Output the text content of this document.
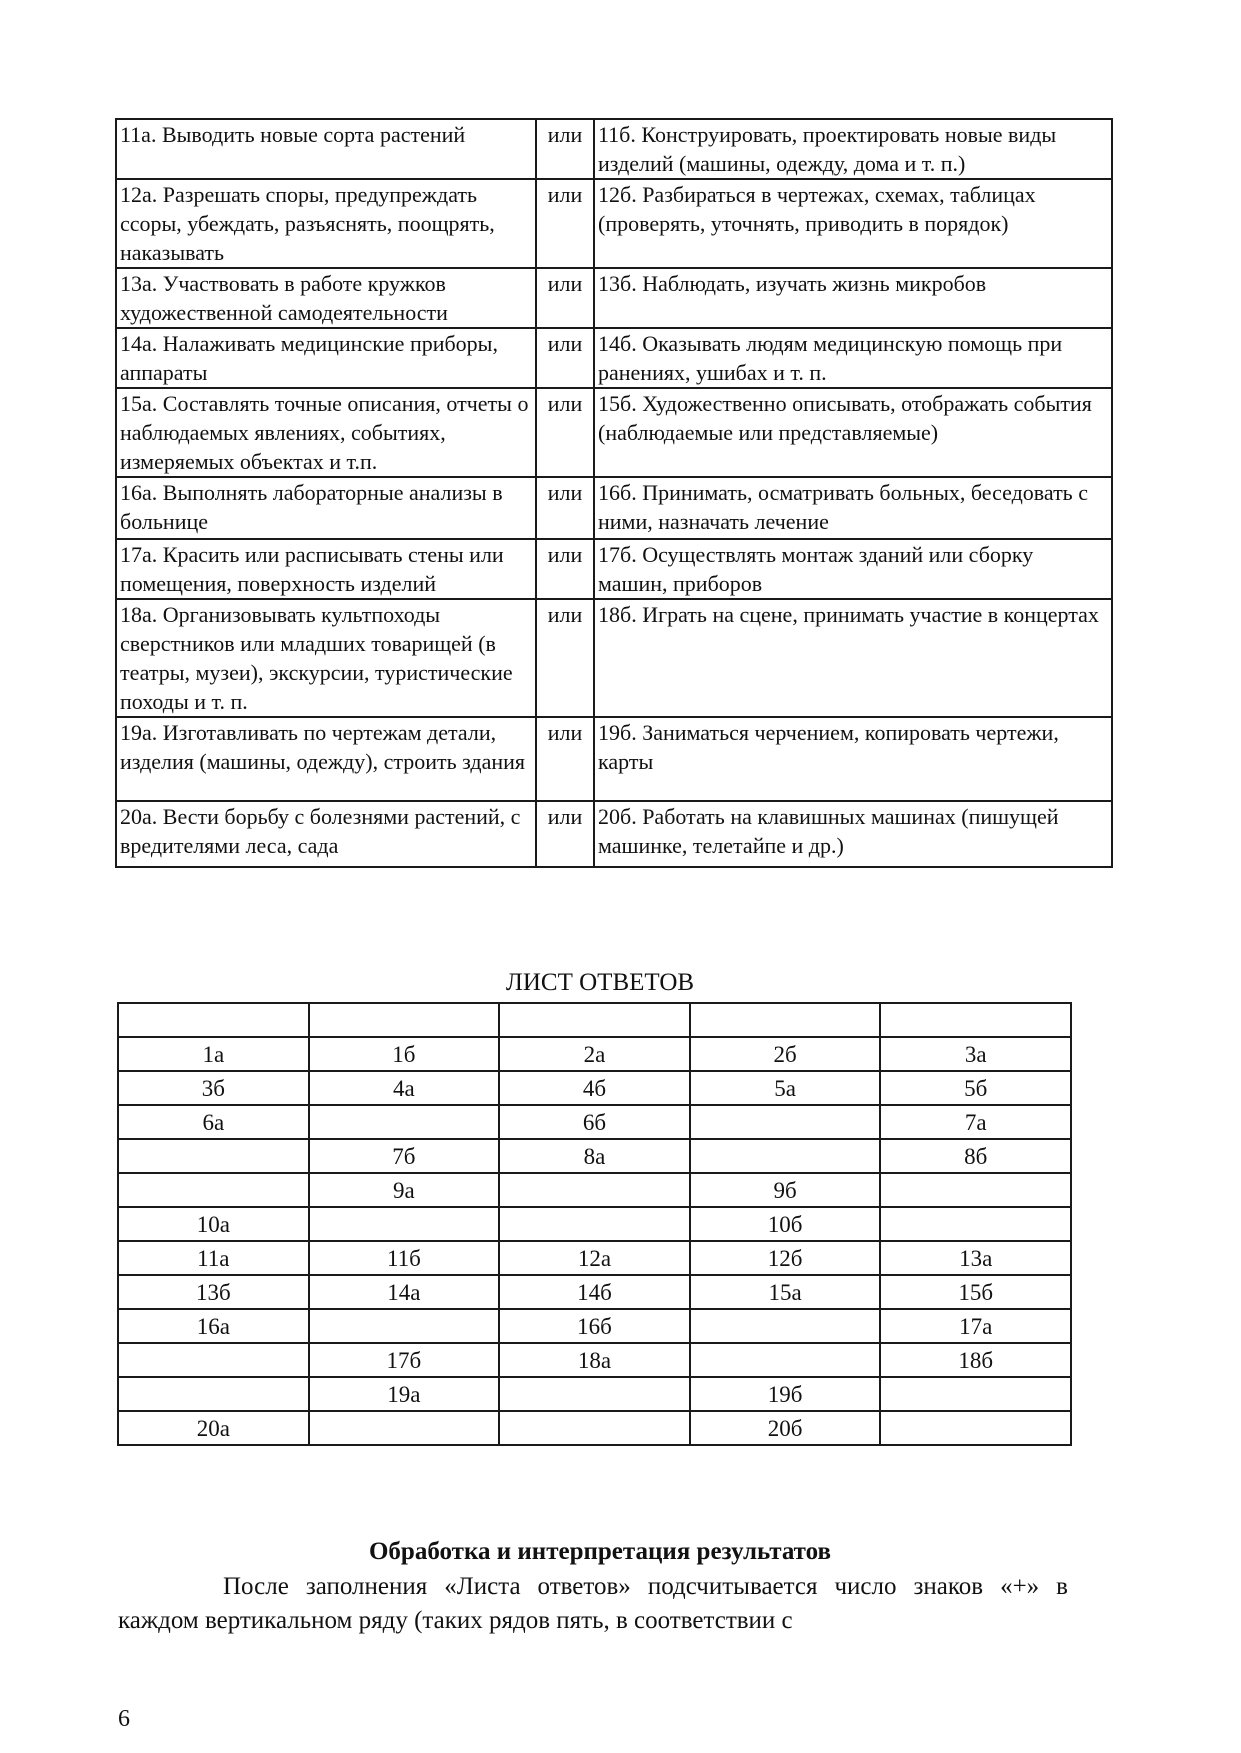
11а. Выводить новые сорта растений	или	11б. Конструировать, проектировать новые виды изделий (машины, одежду, дома и т. п.)
12а. Разрешать споры, предупреждать ссоры, убеждать, разъяснять, поощрять, наказывать	или	12б. Разбираться в чертежах, схемах, таблицах (проверять, уточнять, приводить в порядок)
13а. Участвовать в работе кружков художественной самодеятельности	или	13б. Наблюдать, изучать жизнь микробов
14а. Налаживать медицинские приборы, аппараты	или	14б. Оказывать людям медицинскую помощь при ранениях, ушибах и т. п.
15а. Составлять точные описания, отчеты о наблюдаемых явлениях, событиях, измеряемых объектах и т.п.	или	15б. Художественно описывать, отображать события (наблюдаемые или представляемые)
16а. Выполнять лабораторные анализы в больнице	или	16б. Принимать, осматривать больных, беседовать с ними, назначать лечение
17а. Красить или расписывать стены или помещения, поверхность изделий	или	17б. Осуществлять монтаж зданий или сборку машин, приборов
18а. Организовывать культпоходы сверстников или младших товарищей (в театры, музеи), экскурсии, туристические походы и т. п.	или	18б. Играть на сцене, принимать участие в концертах
19а. Изготавливать по чертежам детали, изделия (машины, одежду), строить здания	или	19б. Заниматься черчением, копировать чертежи, карты
20а. Вести борьбу с болезнями растений, с вредителями леса, сада	или	20б. Работать на клавишных машинах (пишущей машинке, телетайпе и др.)
ЛИСТ ОТВЕТОВ

1а	1б	2а	2б	3а
3б	4а	4б	5а	5б
6а		6б		7а
	7б	8а		8б
	9а		9б	
10а			10б	
11а	11б	12а	12б	13а
13б	14а	14б	15а	15б
16а		16б		17а
	17б	18а		18б
	19а		19б	
20а			20б	
Обработка и интерпретация результатов
После заполнения «Листа ответов» подсчитывается число знаков «+» в каждом вертикальном ряду (таких рядов пять, в соответствии с
6
